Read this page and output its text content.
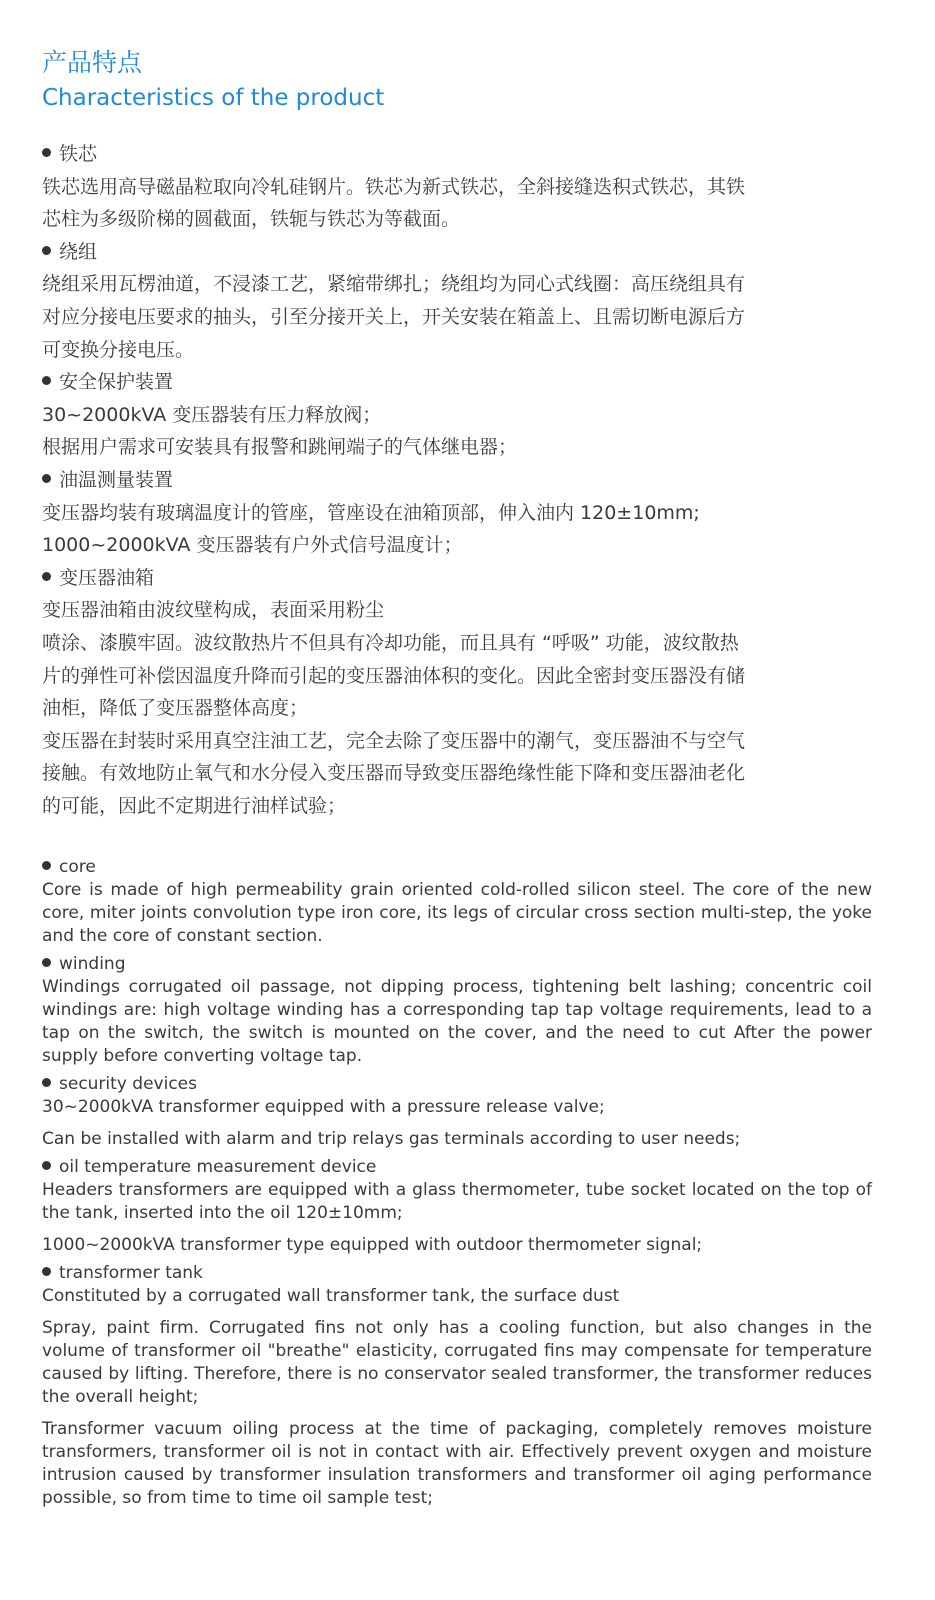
产品特点
Characteristics of the product

铁芯

铁芯选用高导磁晶粒取向冷轧硅钢片。铁芯为新式铁芯，全斜接缝迭积式铁芯，其铁

芯柱为多级阶梯的圆截面，铁轭与铁芯为等截面。

绕组

绕组采用瓦楞油道，不浸漆工艺，紧缩带绑扎；绕组均为同心式线圈：高压绕组具有

对应分接电压要求的抽头，引至分接开关上，开关安装在箱盖上、且需切断电源后方

可变换分接电压。

安全保护装置

30~2000kVA 变压器装有压力释放阀；

根据用户需求可安装具有报警和跳闸端子的气体继电器；

油温测量装置

变压器均装有玻璃温度计的管座，管座设在油箱顶部，伸入油内 120±10mm;

1000~2000kVA 变压器装有户外式信号温度计；

变压器油箱

变压器油箱由波纹壁构成，表面采用粉尘

喷涂、漆膜牢固。波纹散热片不但具有冷却功能，而且具有 “呼吸” 功能，波纹散热

片的弹性可补偿因温度升降而引起的变压器油体积的变化。因此全密封变压器没有储

油柜，降低了变压器整体高度；

变压器在封装时采用真空注油工艺，完全去除了变压器中的潮气，变压器油不与空气

接触。有效地防止氧气和水分侵入变压器而导致变压器绝缘性能下降和变压器油老化

的可能，因此不定期进行油样试验；

core

Core is made of high permeability grain oriented cold-rolled silicon steel. The core of the new core, miter joints convolution type iron core, its legs of circular cross section multi-step, the yoke and the core of constant section.

winding

Windings corrugated oil passage, not dipping process, tightening belt lashing; concentric coil windings are: high voltage winding has a corresponding tap tap voltage requirements, lead to a tap on the switch, the switch is mounted on the cover, and the need to cut After the power supply before converting voltage tap.

security devices

30~2000kVA transformer equipped with a pressure release valve;

Can be installed with alarm and trip relays gas terminals according to user needs;

oil temperature measurement device

Headers transformers are equipped with a glass thermometer, tube socket located on the top of the tank, inserted into the oil 120±10mm;

1000~2000kVA transformer type equipped with outdoor thermometer signal;

transformer tank

Constituted by a corrugated wall transformer tank, the surface dust

Spray, paint firm. Corrugated fins not only has a cooling function, but also changes in the volume of transformer oil "breathe" elasticity, corrugated fins may compensate for temperature caused by lifting. Therefore, there is no conservator sealed transformer, the transformer reduces the overall height;

Transformer vacuum oiling process at the time of packaging, completely removes moisture transformers, transformer oil is not in contact with air. Effectively prevent oxygen and moisture intrusion caused by transformer insulation transformers and transformer oil aging performance possible, so from time to time oil sample test;
